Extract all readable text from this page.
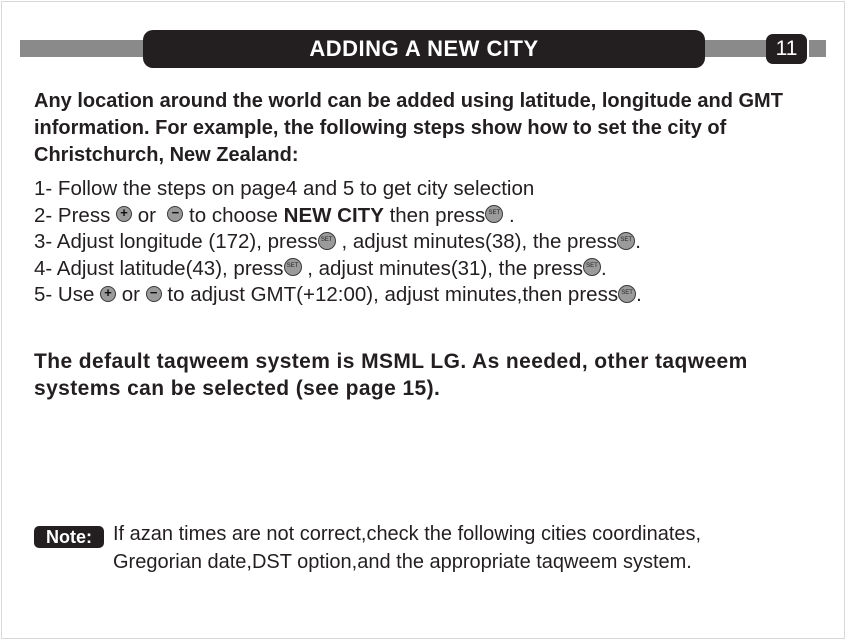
ADDING A NEW CITY	11
Any location around the world can be added using latitude, longitude and GMT information. For example, the following steps show how to set the city of Christchurch, New Zealand:
1- Follow the steps on page4 and 5 to get city selection
2- Press + or  − to choose NEW CITY then press SET .
3- Adjust longitude (172), press SET , adjust minutes(38), the press SET .
4- Adjust latitude(43), press SET , adjust minutes(31), the press SET .
5- Use + or − to adjust GMT(+12:00), adjust minutes,then press SET .
The default taqweem system is MSML LG. As needed, other taqweem systems can be selected (see page 15).
Note:	If azan times are not correct,check the following cities coordinates,
Gregorian date,DST option,and the appropriate taqweem system.
